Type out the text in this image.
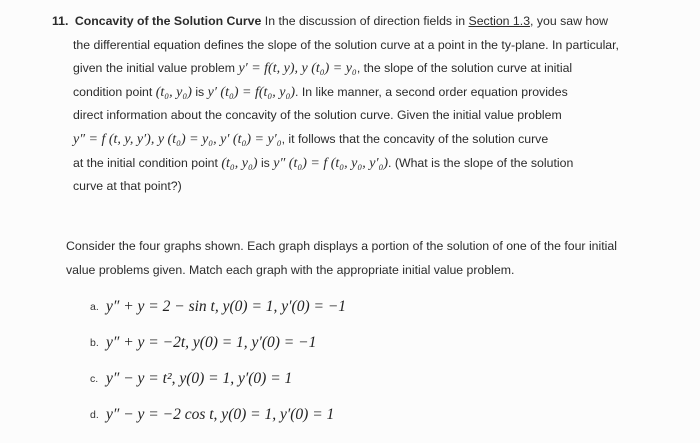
11. Concavity of the Solution Curve In the discussion of direction fields in Section 1.3, you saw how
the differential equation defines the slope of the solution curve at a point in the ty-plane. In particular,
given the initial value problem y′ = f(t, y), y (t₀) = y₀, the slope of the solution curve at initial
condition point (t₀, y₀) is y′ (t₀) = f(t₀, y₀). In like manner, a second order equation provides
direct information about the concavity of the solution curve. Given the initial value problem
y″ = f (t, y, y′), y (t₀) = y₀, y′ (t₀) = y′₀, it follows that the concavity of the solution curve
at the initial condition point (t₀, y₀) is y″ (t₀) = f (t₀, y₀, y′₀). (What is the slope of the solution
curve at that point?)
Consider the four graphs shown. Each graph displays a portion of the solution of one of the four initial
value problems given. Match each graph with the appropriate initial value problem.
a. y″ + y = 2 − sin t, y(0) = 1, y′(0) = −1
b. y″ + y = −2t, y(0) = 1, y′(0) = −1
c. y″ − y = t², y(0) = 1, y′(0) = 1
d. y″ − y = −2 cos t, y(0) = 1, y′(0) = 1
